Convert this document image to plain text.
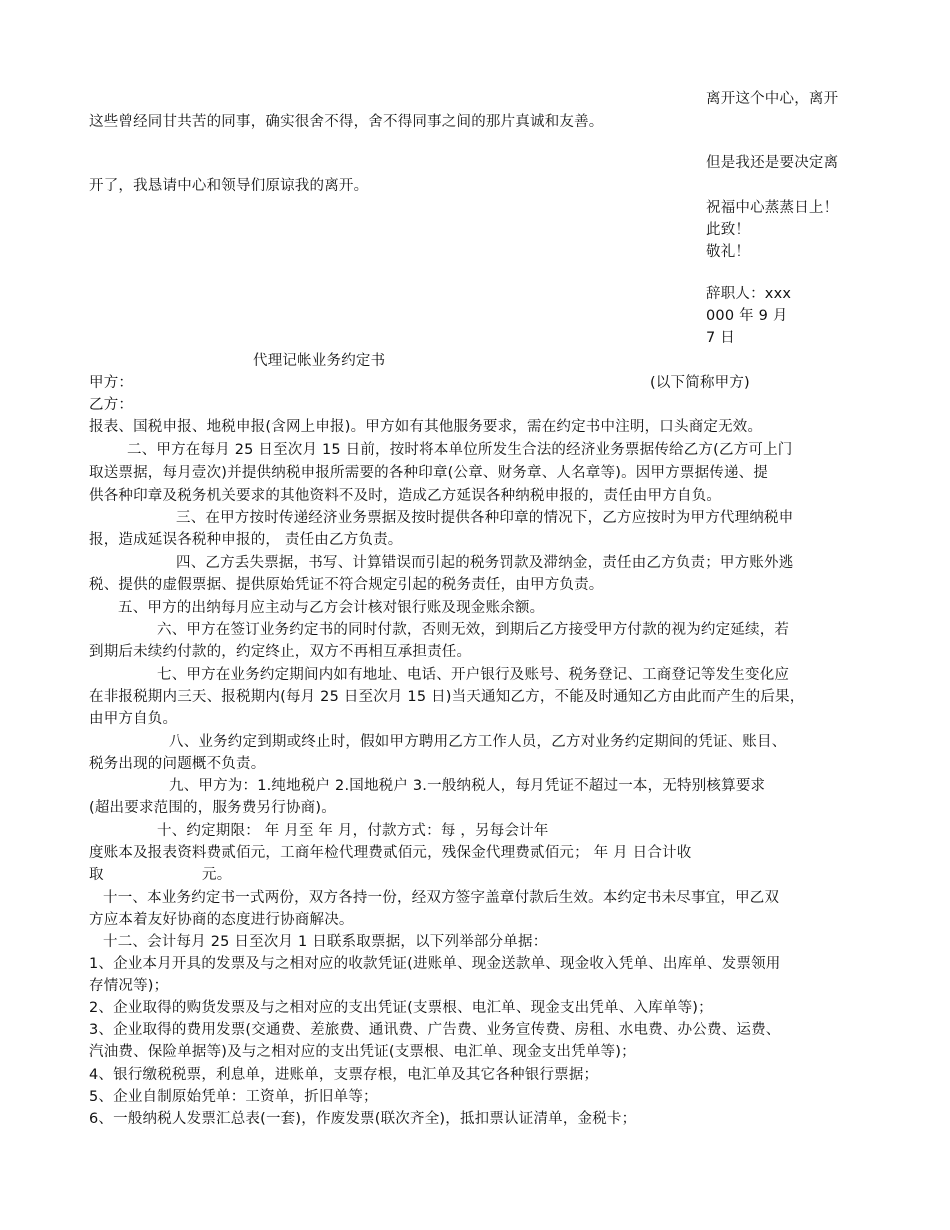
离开这个中心，离开
这些曾经同甘共苦的同事，确实很舍不得，舍不得同事之间的那片真诚和友善。
但是我还是要决定离
开了，我恳请中心和领导们原谅我的离开。
祝福中心蒸蒸日上！
此致！
敬礼！
辞职人：xxx
000 年 9 月
7 日
代理记帐业务约定书
甲方：	(以下简称甲方)
乙方：
报表、国税申报、地税申报(含网上申报)。甲方如有其他服务要求，需在约定书中注明，口头商定无效。
二、甲方在每月 25 日至次月 15 日前，按时将本单位所发生合法的经济业务票据传给乙方(乙方可上门
取送票据，每月壹次)并提供纳税申报所需要的各种印章(公章、财务章、人名章等)。因甲方票据传递、提
供各种印章及税务机关要求的其他资料不及时，造成乙方延误各种纳税申报的，责任由甲方自负。
三、在甲方按时传递经济业务票据及按时提供各种印章的情况下，乙方应按时为甲方代理纳税申
报，造成延误各税种申报的， 责任由乙方负责。
四、乙方丢失票据，书写、计算错误而引起的税务罚款及滞纳金，责任由乙方负责；甲方账外逃
税、提供的虚假票据、提供原始凭证不符合规定引起的税务责任，由甲方负责。
五、甲方的出纳每月应主动与乙方会计核对银行账及现金账余额。
六、甲方在签订业务约定书的同时付款，否则无效，到期后乙方接受甲方付款的视为约定延续，若
到期后未续约付款的，约定终止，双方不再相互承担责任。
七、甲方在业务约定期间内如有地址、电话、开户银行及账号、税务登记、工商登记等发生变化应
在非报税期内三天、报税期内(每月 25 日至次月 15 日)当天通知乙方，不能及时通知乙方由此而产生的后果，
由甲方自负。
八、业务约定到期或终止时，假如甲方聘用乙方工作人员，乙方对业务约定期间的凭证、账目、
税务出现的问题概不负责。
九、甲方为：1.纯地税户 2.国地税户 3.一般纳税人，每月凭证不超过一本，无特别核算要求
(超出要求范围的，服务费另行协商)。
十、约定期限： 年 月至 年 月，付款方式：每 ，另每会计年
度账本及报表资料费贰佰元，工商年检代理费贰佰元，残保金代理费贰佰元； 年 月 日合计收
取	元。
十一、本业务约定书一式两份，双方各持一份，经双方签字盖章付款后生效。本约定书未尽事宜，甲乙双
方应本着友好协商的态度进行协商解决。
十二、会计每月 25 日至次月 1 日联系取票据，以下列举部分单据：
1、企业本月开具的发票及与之相对应的收款凭证(进账单、现金送款单、现金收入凭单、出库单、发票领用
存情况等)；
2、企业取得的购货发票及与之相对应的支出凭证(支票根、电汇单、现金支出凭单、入库单等)；
3、企业取得的费用发票(交通费、差旅费、通讯费、广告费、业务宣传费、房租、水电费、办公费、运费、
汽油费、保险单据等)及与之相对应的支出凭证(支票根、电汇单、现金支出凭单等)；
4、银行缴税税票，利息单，进账单，支票存根，电汇单及其它各种银行票据；
5、企业自制原始凭单：工资单，折旧单等；
6、一般纳税人发票汇总表(一套)，作废发票(联次齐全)，抵扣票认证清单，金税卡；
